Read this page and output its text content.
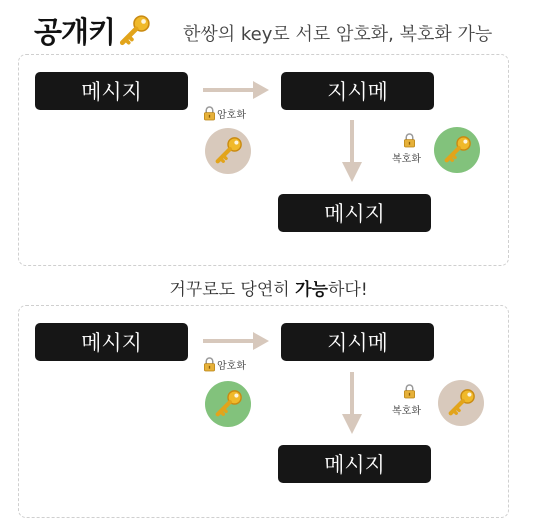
공개키	한쌍의 key로 서로 암호화, 복호화 가능
메시지	지시메
암호화
복호화
메시지
거꾸로도 당연히 가능하다!
메시지	지시메
암호화
복호화
메시지
